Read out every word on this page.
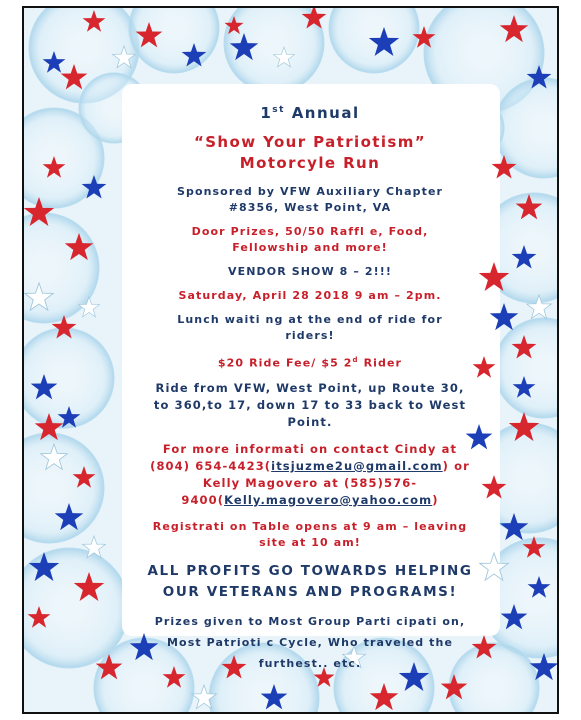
1st Annual

“Show Your Patriotism”
Motorcyle Run

Sponsored by VFW Auxiliary Chapter
#8356, West Point, VA

Door Prizes, 50/50 Raffl e, Food,
Fellowship and more!

VENDOR SHOW 8 – 2!!!

Saturday, April 28 2018 9 am – 2pm.

Lunch waiti ng at the end of ride for
riders!

$20 Ride Fee/ $5 2$^d$ Rider

Ride from VFW, West Point, up Route 30,
to 360,to 17, down 17 to 33 back to West
Point.

For more informati on contact Cindy at
(804) 654-4423(itsjuzme2u@gmail.com) or
Kelly Magovero at (585)576-
9400(Kelly.magovero@yahoo.com)

Registrati on Table opens at 9 am – leaving
site at 10 am!

ALL PROFITS GO TOWARDS HELPING
OUR VETERANS AND PROGRAMS!

Prizes given to Most Group Parti cipati on,
Most Patrioti c Cycle, Who traveled the
furthest.. etc.
